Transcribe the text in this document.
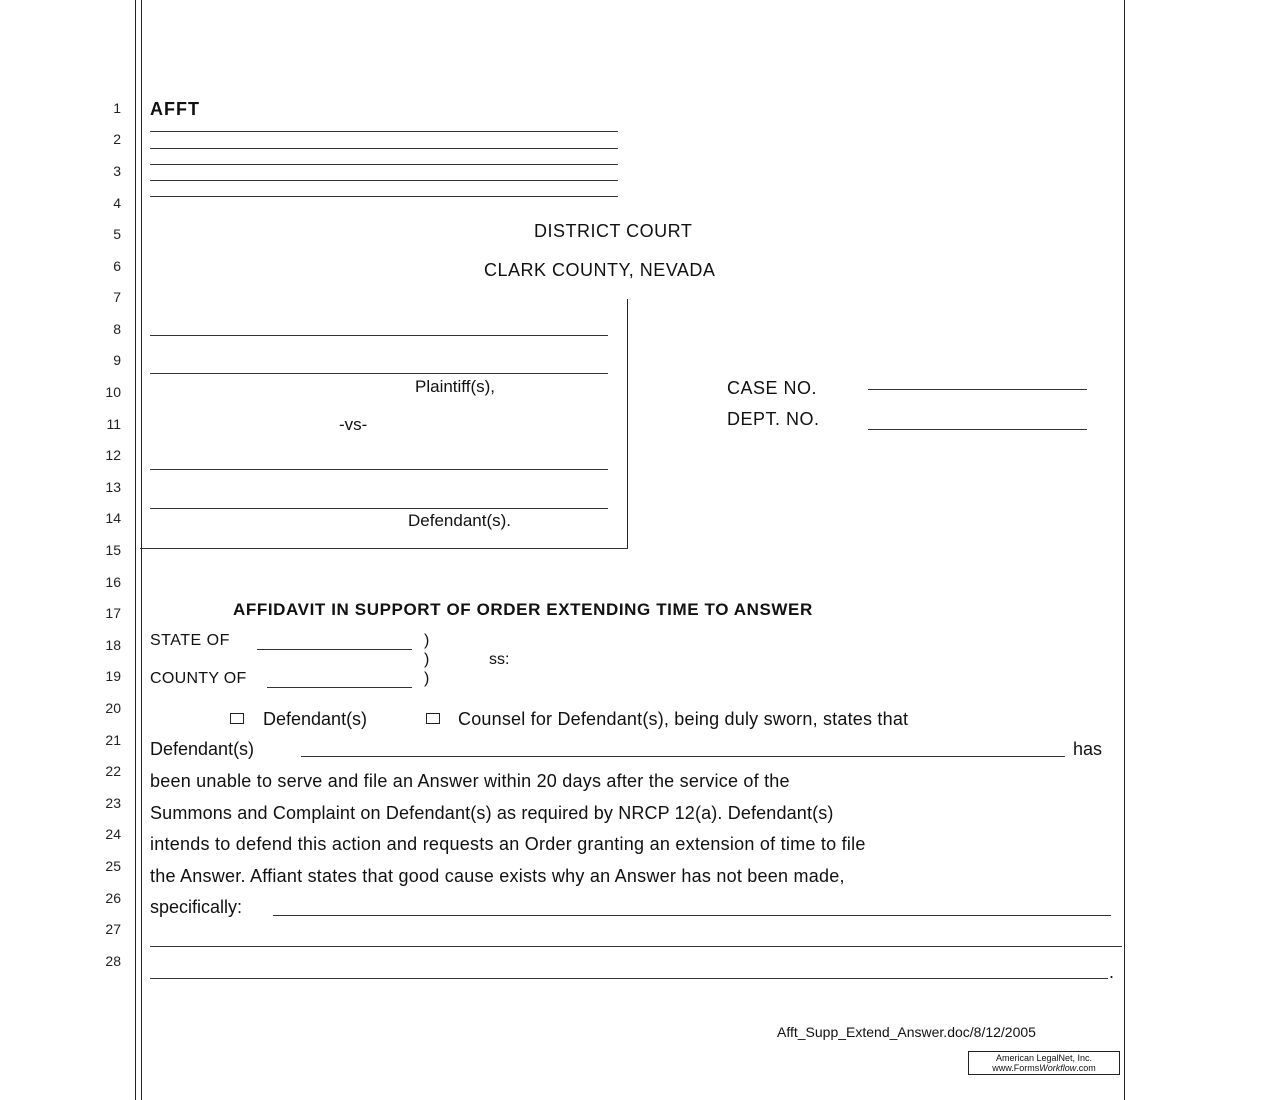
1
2
3
4
5
6
7
8
9
10
11
12
13
14
15
16
17
18
19
20
21
22
23
24
25
26
27
28
AFFT
DISTRICT COURT
CLARK COUNTY, NEVADA
Plaintiff(s),
-vs-
Defendant(s).
CASE NO.
DEPT. NO.
AFFIDAVIT IN SUPPORT OF ORDER EXTENDING TIME TO ANSWER
STATE OF	)
)	ss:
COUNTY OF	)
Defendant(s)	Counsel for Defendant(s), being duly sworn, states that
Defendant(s)	has
been unable to serve and file an Answer within 20 days after the service of the
Summons and Complaint on Defendant(s) as required by NRCP 12(a). Defendant(s)
intends to defend this action and requests an Order granting an extension of time to file
the Answer. Affiant states that good cause exists why an Answer has not been made,
specifically:
.
Afft_Supp_Extend_Answer.doc/8/12/2005
American LegalNet, Inc.
www.FormsWorkflow.com
